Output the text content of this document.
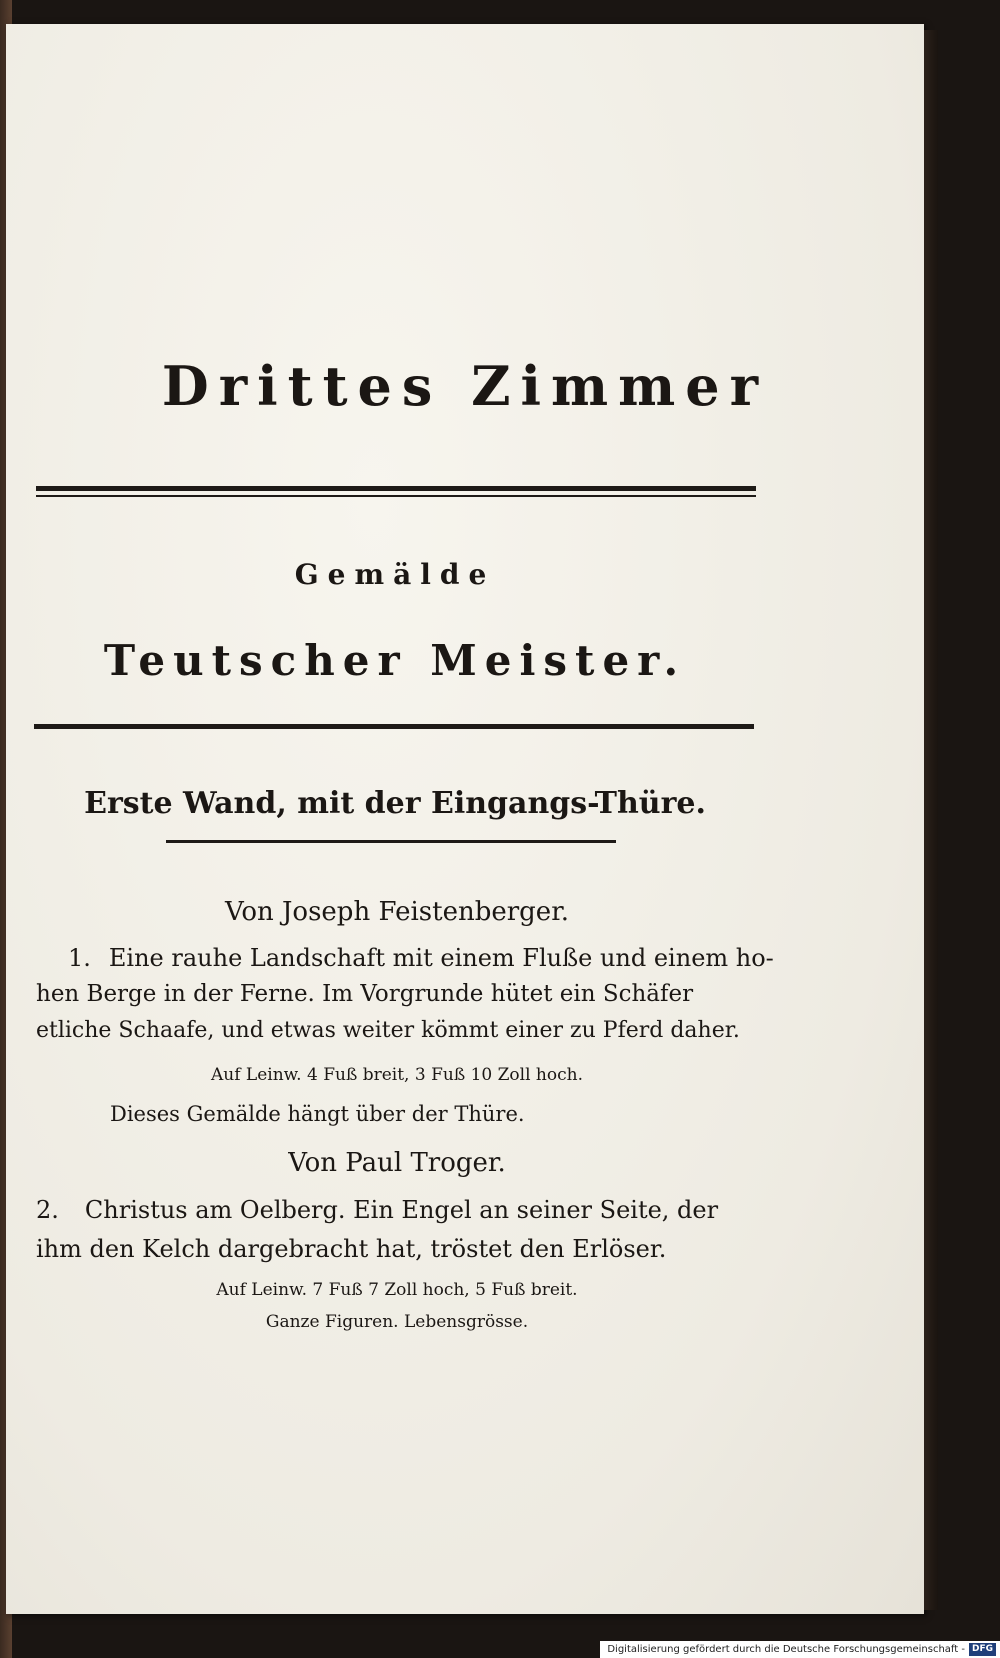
Drittes Zimmer
Gemälde
Teutscher Meister.
Erste Wand, mit der Eingangs-Thüre.
Von Joseph Feistenberger.
1. Eine rauhe Landschaft mit einem Fluße und einem ho-
hen Berge in der Ferne. Im Vorgrunde hütet ein Schäfer
etliche Schaafe, und etwas weiter kömmt einer zu Pferd daher.
Auf Leinw. 4 Fuß breit, 3 Fuß 10 Zoll hoch.
Dieses Gemälde hängt über der Thüre.
Von Paul Troger.
2. Christus am Oelberg. Ein Engel an seiner Seite, der
ihm den Kelch dargebracht hat, tröstet den Erlöser.
Auf Leinw. 7 Fuß 7 Zoll hoch, 5 Fuß breit.
Ganze Figuren. Lebensgrösse.
Digitalisierung gefördert durch die Deutsche Forschungsgemeinschaft - DFG
